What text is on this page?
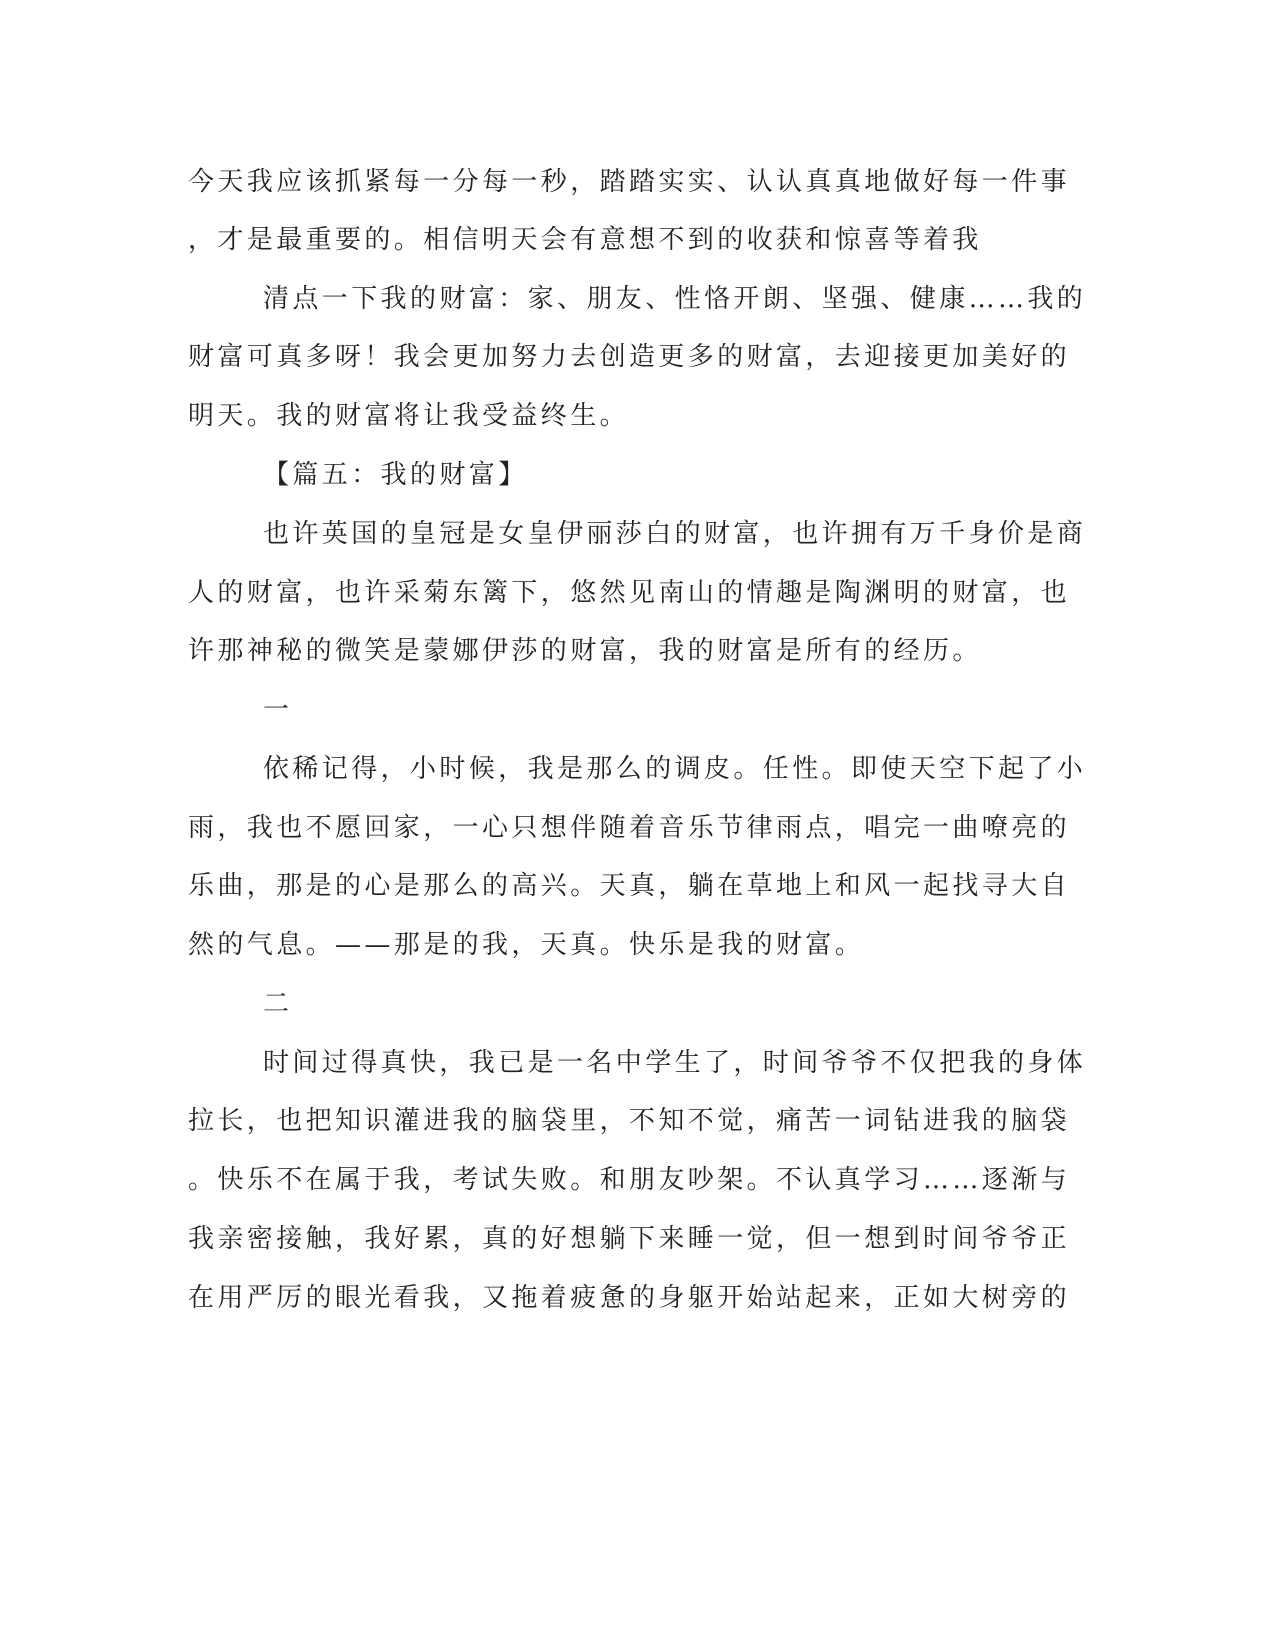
今天我应该抓紧每一分每一秒，踏踏实实、认认真真地做好每一件事

，才是最重要的。相信明天会有意想不到的收获和惊喜等着我

清点一下我的财富：家、朋友、性恪开朗、坚强、健康……我的

财富可真多呀！我会更加努力去创造更多的财富，去迎接更加美好的

明天。我的财富将让我受益终生。

【篇五：我的财富】

也许英国的皇冠是女皇伊丽莎白的财富，也许拥有万千身价是商

人的财富，也许采菊东篱下，悠然见南山的情趣是陶渊明的财富，也

许那神秘的微笑是蒙娜伊莎的财富，我的财富是所有的经历。

一

依稀记得，小时候，我是那么的调皮。任性。即使天空下起了小

雨，我也不愿回家，一心只想伴随着音乐节律雨点，唱完一曲嘹亮的

乐曲，那是的心是那么的高兴。天真，躺在草地上和风一起找寻大自

然的气息。——那是的我，天真。快乐是我的财富。

二

时间过得真快，我已是一名中学生了，时间爷爷不仅把我的身体

拉长，也把知识灌进我的脑袋里，不知不觉，痛苦一词钻进我的脑袋

。快乐不在属于我，考试失败。和朋友吵架。不认真学习……逐渐与

我亲密接触，我好累，真的好想躺下来睡一觉，但一想到时间爷爷正

在用严厉的眼光看我，又拖着疲惫的身躯开始站起来，正如大树旁的
